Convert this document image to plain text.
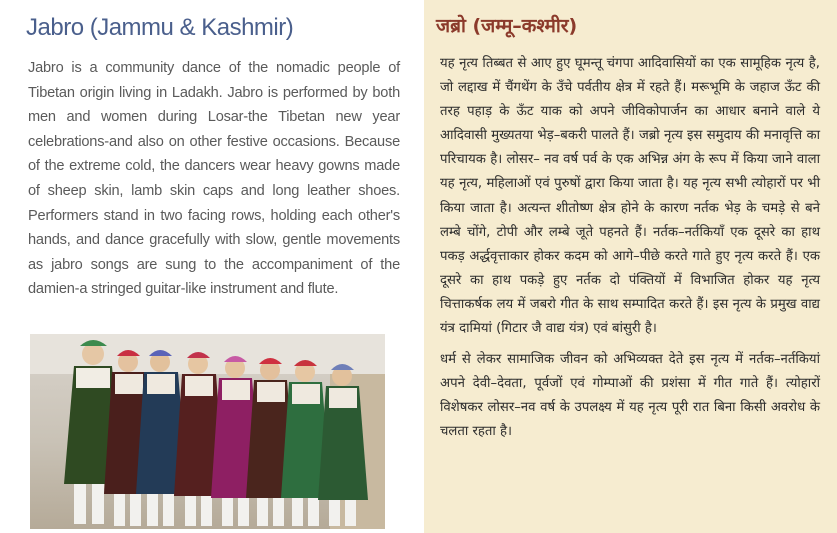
Jabro (Jammu & Kashmir)

Jabro is a community dance of the nomadic people of Tibetan origin living in Ladakh. Jabro is performed by both men and women during Losar-the Tibetan new year celebrations-and also on other festive occasions. Because of the extreme cold, the dancers wear heavy gowns made of sheep skin, lamb skin caps and long leather shoes. Performers stand in two facing rows, holding each other's hands, and dance gracefully with slow, gentle movements as jabro songs are sung to the accompaniment of the damien-a stringed guitar-like instrument and flute.

जब्रो (जम्मू–कश्मीर)

यह नृत्य तिब्बत से आए हुए घूमन्तू चंगपा आदिवासियों का एक सामूहिक नृत्य है, जो लद्दाख में चैंगथेंग के उँचे पर्वतीय क्षेत्र में रहते हैं। मरूभूमि के जहाज ऊँट की तरह पहाड़ के ऊँट याक को अपने जीविकोपार्जन का आधार बनाने वाले ये आदिवासी मुख्यतया भेड़–बकरी पालते हैं। जब्रो नृत्य इस समुदाय की मनावृत्ति का परिचायक है। लोसर– नव वर्ष पर्व के एक अभिन्न अंग के रूप में किया जाने वाला यह नृत्य, महिलाओं एवं पुरुषों द्वारा किया जाता है। यह नृत्य सभी त्योहारों पर भी किया जाता है। अत्यन्त शीतोष्ण क्षेत्र होने के कारण नर्तक भेड़ के चमड़े से बने लम्बे चोंगे, टोपी और लम्बे जूते पहनते हैं। नर्तक–नर्तकियाँ एक दूसरे का हाथ पकड़ अर्द्धवृत्ताकार होकर कदम को आगे–पीछे करते गाते हुए नृत्य करते हैं। एक दूसरे का हाथ पकड़े हुए नर्तक दो पंक्तियों में विभाजित होकर यह नृत्य चित्ताकर्षक लय में जबरो गीत के साथ सम्पादित करते हैं। इस नृत्य के प्रमुख वाद्य यंत्र दामियां (गिटार जै वाद्य यंत्र) एवं बांसुरी है।

धर्म से लेकर सामाजिक जीवन को अभिव्यक्त देते इस नृत्य में नर्तक–नर्तकियां अपने देवी–देवता, पूर्वजों एवं गोम्पाओं की प्रशंसा में गीत गाते हैं। त्योहारों विशेषकर लोसर–नव वर्ष के उपलक्ष्य में यह नृत्य पूरी रात बिना किसी अवरोध के चलता रहता है।
